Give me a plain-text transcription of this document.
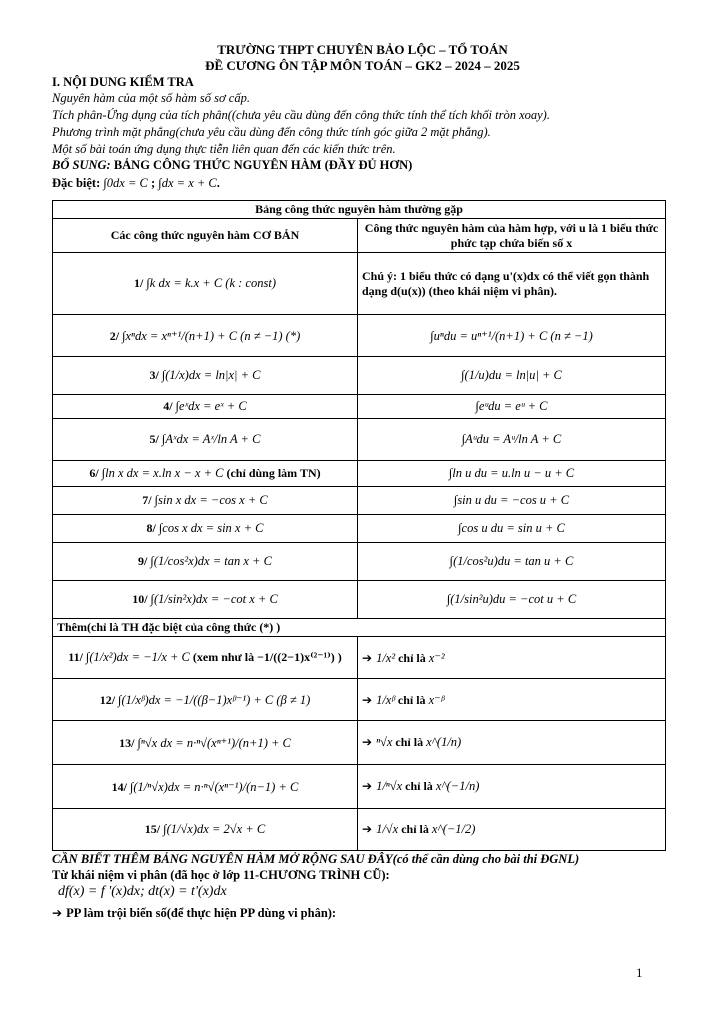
TRƯỜNG THPT CHUYÊN BẢO LỘC – TỔ TOÁN
ĐỀ CƯƠNG ÔN TẬP MÔN TOÁN – GK2 – 2024 – 2025
I. NỘI DUNG KIỂM TRA
Nguyên hàm của một số hàm số sơ cấp.
Tích phân-Ứng dụng của tích phân((chưa yêu cầu dùng đến công thức tính thể tích khối tròn xoay).
Phương trình mặt phẳng(chưa yêu cầu dùng đến công thức tính góc giữa 2 mặt phẳng).
Một số bài toán ứng dụng thực tiễn liên quan đến các kiến thức trên.
BỔ SUNG: BẢNG CÔNG THỨC NGUYÊN HÀM (ĐẦY ĐỦ HƠN)
Đặc biệt: ∫0dx = C ; ∫dx = x + C.
Bảng công thức nguyên hàm thường gặp	
Các công thức nguyên hàm CƠ BẢN	Công thức nguyên hàm của hàm hợp, với u là 1 biểu thức phức tạp chứa biến số x
1/ ∫k dx = k.x + C (k : const)	Chú ý: 1 biểu thức có dạng u'(x)dx có thể viết gọn thành dạng d(u(x)) (theo khái niệm vi phân).
2/ ∫xⁿdx = xⁿ⁺¹/(n+1) + C (n ≠ −1) (*)	∫uⁿdu = uⁿ⁺¹/(n+1) + C (n ≠ −1)
3/ ∫(1/x)dx = ln|x| + C	∫(1/u)du = ln|u| + C
4/ ∫eˣdx = eˣ + C	∫eᵘdu = eᵘ + C
5/ ∫Aˣdx = Aˣ/ln A + C	∫Aᵘdu = Aᵘ/ln A + C
6/ ∫ln x dx = x.ln x − x + C (chỉ dùng làm TN)	∫ln u du = u.ln u − u + C
7/ ∫sin x dx = −cos x + C	∫sin u du = −cos u + C
8/ ∫cos x dx = sin x + C	∫cos u du = sin u + C
9/ ∫(1/cos²x)dx = tan x + C	∫(1/cos²u)du = tan u + C
10/ ∫(1/sin²x)dx = −cot x + C	∫(1/sin²u)du = −cot u + C
Thêm(chỉ là TH đặc biệt của công thức (*) )	
11/ ∫(1/x²)dx = −1/x + C (xem như là −1/((2−1)x⁽²⁻¹⁾) )	➔ 1/x² chỉ là x⁻²
12/ ∫(1/xᵝ)dx = −1/((β−1)xᵝ⁻¹) + C (β ≠ 1)	➔ 1/xᵝ chỉ là x⁻ᵝ
13/ ∫ⁿ√x dx = n·ⁿ√(xⁿ⁺¹)/(n+1) + C	➔ ⁿ√x chỉ là x^(1/n)
14/ ∫(1/ⁿ√x)dx = n·ⁿ√(xⁿ⁻¹)/(n−1) + C	➔ 1/ⁿ√x chỉ là x^(−1/n)
15/ ∫(1/√x)dx = 2√x + C	➔ 1/√x chỉ là x^(−1/2)
CẦN BIẾT THÊM BẢNG NGUYÊN HÀM MỞ RỘNG SAU ĐÂY(có thể cần dùng cho bài thi ĐGNL)
Từ khái niệm vi phân (đã học ở lớp 11-CHƯƠNG TRÌNH CŨ):
df(x) = f '(x)dx; dt(x) = t'(x)dx
➔ PP làm trội biến số(để thực hiện PP dùng vi phân):
1
